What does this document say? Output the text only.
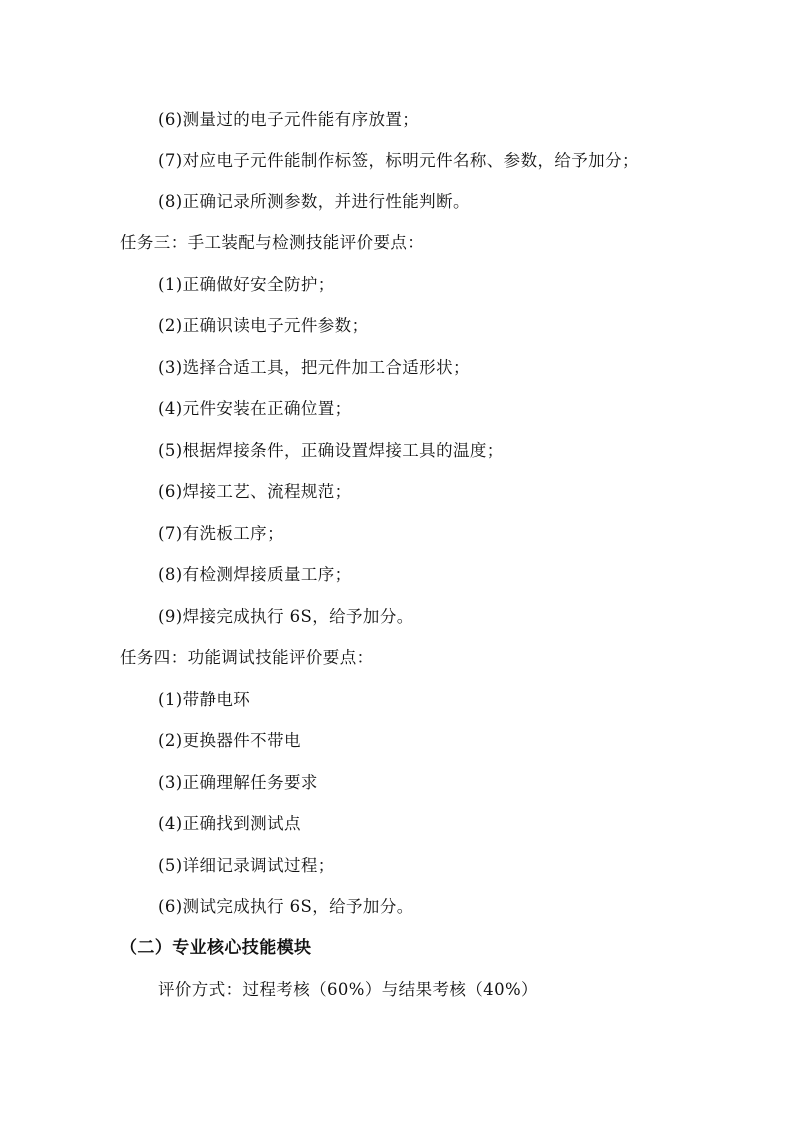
(6)测量过的电子元件能有序放置；
(7)对应电子元件能制作标签，标明元件名称、参数，给予加分；
(8)正确记录所测参数，并进行性能判断。
任务三：手工装配与检测技能评价要点：
(1)正确做好安全防护；
(2)正确识读电子元件参数；
(3)选择合适工具，把元件加工合适形状；
(4)元件安装在正确位置；
(5)根据焊接条件，正确设置焊接工具的温度；
(6)焊接工艺、流程规范；
(7)有洗板工序；
(8)有检测焊接质量工序；
(9)焊接完成执行 6S，给予加分。
任务四：功能调试技能评价要点：
(1)带静电环
(2)更换器件不带电
(3)正确理解任务要求
(4)正确找到测试点
(5)详细记录调试过程；
(6)测试完成执行 6S，给予加分。
（二）专业核心技能模块
评价方式：过程考核（60%）与结果考核（40%）
